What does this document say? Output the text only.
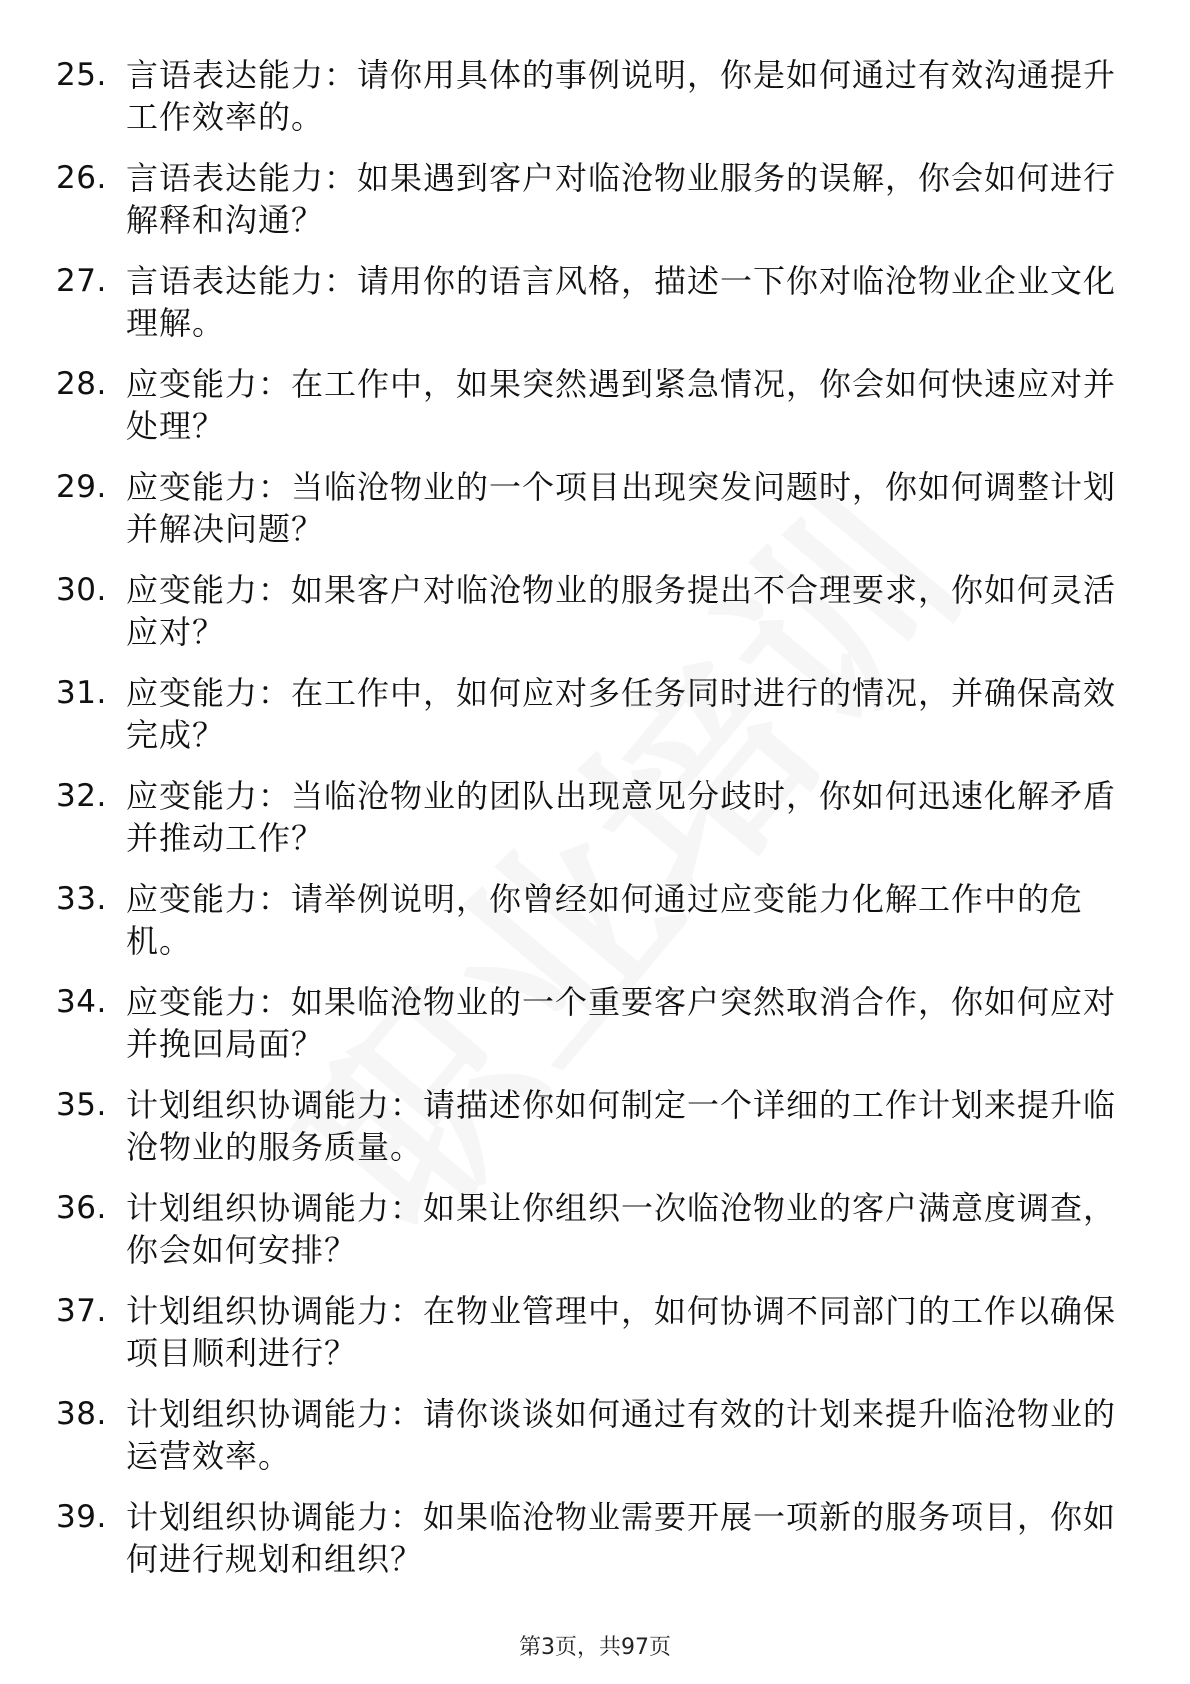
25. 言语表达能力：请你用具体的事例说明，你是如何通过有效沟通提升工作效率的。
26. 言语表达能力：如果遇到客户对临沧物业服务的误解，你会如何进行解释和沟通？
27. 言语表达能力：请用你的语言风格，描述一下你对临沧物业企业文化理解。
28. 应变能力：在工作中，如果突然遇到紧急情况，你会如何快速应对并处理？
29. 应变能力：当临沧物业的一个项目出现突发问题时，你如何调整计划并解决问题？
30. 应变能力：如果客户对临沧物业的服务提出不合理要求，你如何灵活应对？
31. 应变能力：在工作中，如何应对多任务同时进行的情况，并确保高效完成？
32. 应变能力：当临沧物业的团队出现意见分歧时，你如何迅速化解矛盾并推动工作？
33. 应变能力：请举例说明，你曾经如何通过应变能力化解工作中的危机。
34. 应变能力：如果临沧物业的一个重要客户突然取消合作，你如何应对并挽回局面？
35. 计划组织协调能力：请描述你如何制定一个详细的工作计划来提升临沧物业的服务质量。
36. 计划组织协调能力：如果让你组织一次临沧物业的客户满意度调查，你会如何安排？
37. 计划组织协调能力：在物业管理中，如何协调不同部门的工作以确保项目顺利进行？
38. 计划组织协调能力：请你谈谈如何通过有效的计划来提升临沧物业的运营效率。
39. 计划组织协调能力：如果临沧物业需要开展一项新的服务项目，你如何进行规划和组织？
第3页，共97页
